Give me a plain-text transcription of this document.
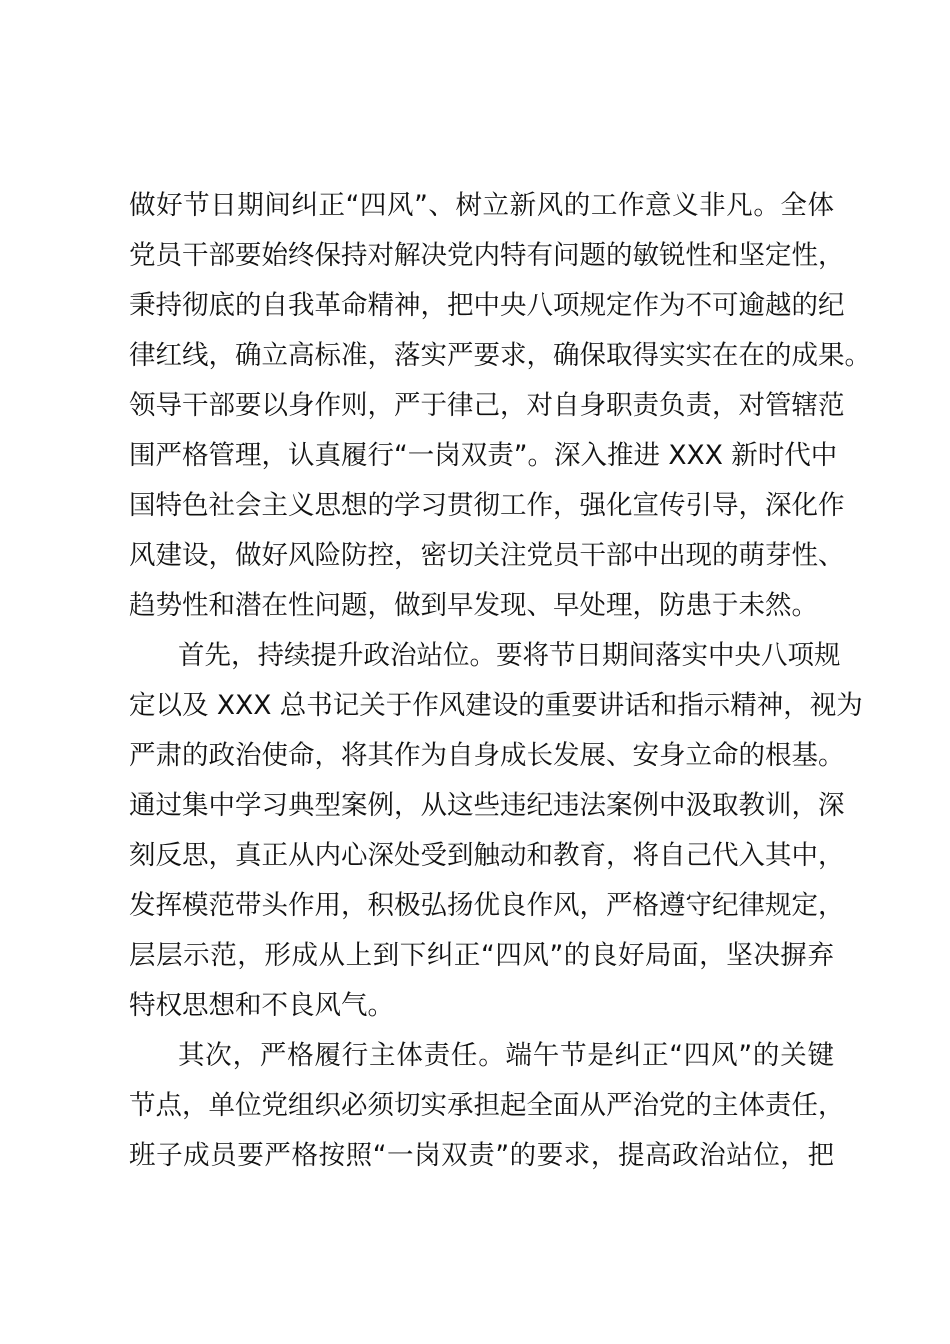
做好节日期间纠正“四风”、树立新风的工作意义非凡。全体
党员干部要始终保持对解决党内特有问题的敏锐性和坚定性，
秉持彻底的自我革命精神，把中央八项规定作为不可逾越的纪
律红线，确立高标准，落实严要求，确保取得实实在在的成果。
领导干部要以身作则，严于律己，对自身职责负责，对管辖范
围严格管理，认真履行“一岗双责”。深入推进 XXX 新时代中
国特色社会主义思想的学习贯彻工作，强化宣传引导，深化作
风建设，做好风险防控，密切关注党员干部中出现的萌芽性、
趋势性和潜在性问题，做到早发现、早处理，防患于未然。
首先，持续提升政治站位。要将节日期间落实中央八项规
定以及 XXX 总书记关于作风建设的重要讲话和指示精神，视为
严肃的政治使命，将其作为自身成长发展、安身立命的根基。
通过集中学习典型案例，从这些违纪违法案例中汲取教训，深
刻反思，真正从内心深处受到触动和教育，将自己代入其中，
发挥模范带头作用，积极弘扬优良作风，严格遵守纪律规定，
层层示范，形成从上到下纠正“四风”的良好局面，坚决摒弃
特权思想和不良风气。
其次，严格履行主体责任。端午节是纠正“四风”的关键
节点，单位党组织必须切实承担起全面从严治党的主体责任，
班子成员要严格按照“一岗双责”的要求，提高政治站位，把
